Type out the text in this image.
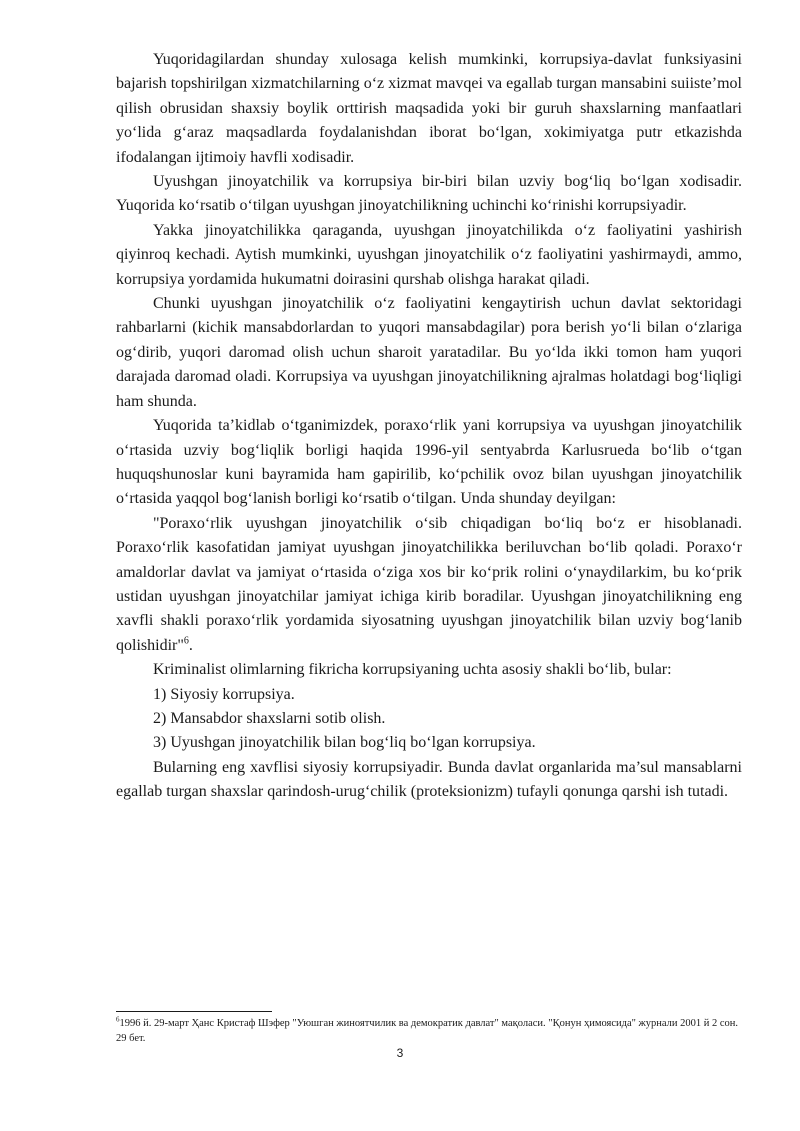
Yuqoridagilardan shunday xulosaga kelish mumkinki, korrupsiya-davlat funksiyasini bajarish topshirilgan xizmatchilarning o‘z xizmat mavqei va egallab turgan mansabini suiiste’mol qilish obrusidan shaxsiy boylik orttirish maqsadida yoki bir guruh shaxslarning manfaatlari yo‘lida g‘araz maqsadlarda foydalanishdan iborat bo‘lgan, xokimiyatga putr etkazishda ifodalangan ijtimoiy havfli xodisadir.

Uyushgan jinoyatchilik va korrupsiya bir-biri bilan uzviy bog‘liq bo‘lgan xodisadir. Yuqorida ko‘rsatib o‘tilgan uyushgan jinoyatchilikning uchinchi ko‘rinishi korrupsiyadir.

Yakka jinoyatchilikka qaraganda, uyushgan jinoyatchilikda o‘z faoliyatini yashirish qiyinroq kechadi. Aytish mumkinki, uyushgan jinoyatchilik o‘z faoliyatini yashirmaydi, ammo, korrupsiya yordamida hukumatni doirasini qurshab olishga harakat qiladi.

Chunki uyushgan jinoyatchilik o‘z faoliyatini kengaytirish uchun davlat sektoridagi rahbarlarni (kichik mansabdorlardan to yuqori mansabdagilar) pora berish yo‘li bilan o‘zlariga og‘dirib, yuqori daromad olish uchun sharoit yaratadilar. Bu yo‘lda ikki tomon ham yuqori darajada daromad oladi. Korrupsiya va uyushgan jinoyatchilikning ajralmas holatdagi bog‘liqligi ham shunda.

Yuqorida ta’kidlab o‘tganimizdek, poraxo‘rlik yani korrupsiya va uyushgan jinoyatchilik o‘rtasida uzviy bog‘liqlik borligi haqida 1996-yil sentyabrda Karlusrueda bo‘lib o‘tgan huquqshunoslar kuni bayramida ham gapirilib, ko‘pchilik ovoz bilan uyushgan jinoyatchilik o‘rtasida yaqqol bog‘lanish borligi ko‘rsatib o‘tilgan. Unda shunday deyilgan:

"Poraxo‘rlik uyushgan jinoyatchilik o‘sib chiqadigan bo‘liq bo‘z er hisoblanadi. Poraxo‘rlik kasofatidan jamiyat uyushgan jinoyatchilikka beriluvchan bo‘lib qoladi. Poraxo‘r amaldorlar davlat va jamiyat o‘rtasida o‘ziga xos bir ko‘prik rolini o‘ynaydilarkim, bu ko‘prik ustidan uyushgan jinoyatchilar jamiyat ichiga kirib boradilar. Uyushgan jinoyatchilikning eng xavfli shakli poraxo‘rlik yordamida siyosatning uyushgan jinoyatchilik bilan uzviy bog‘lanib qolishidir"$^6$.

Kriminalist olimlarning fikricha korrupsiyaning uchta asosiy shakli bo‘lib, bular:

1) Siyosiy korrupsiya.

2) Mansabdor shaxslarni sotib olish.

3) Uyushgan jinoyatchilik bilan bog‘liq bo‘lgan korrupsiya.

Bularning eng xavflisi siyosiy korrupsiyadir. Bunda davlat organlarida ma’sul mansablarni egallab turgan shaxslar qarindosh-urug‘chilik (proteksionizm) tufayli qonunga qarshi ish tutadi.

$^6$1996 й. 29-март Ҳанс Кристаф Шэфер "Уюшган жиноятчилик ва демократик давлат" мақоласи. "Қонун ҳимоясида" журнали 2001 й 2 сон. 29 бет.

3
